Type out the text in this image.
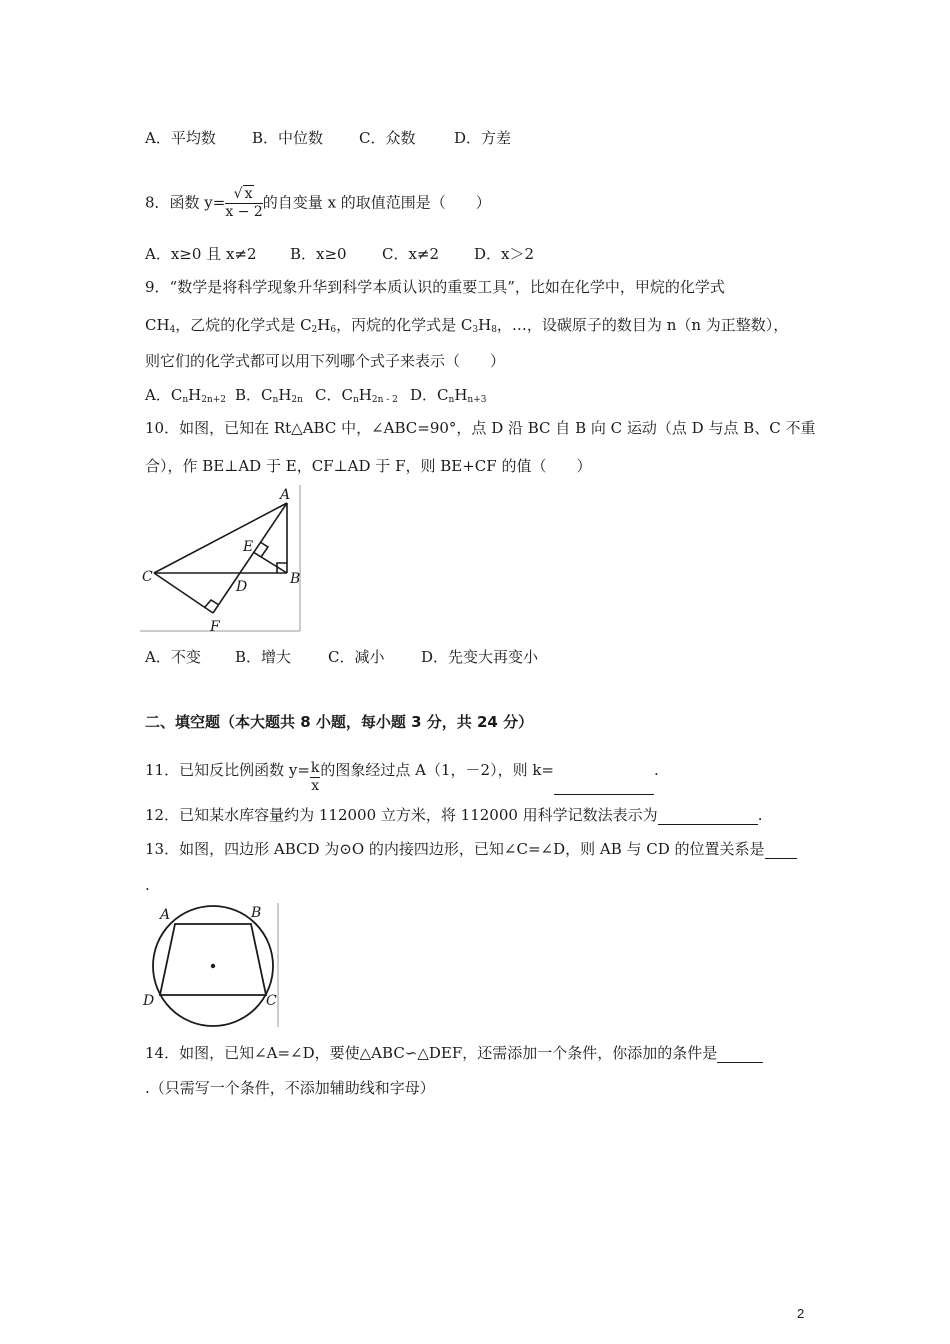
A．平均数 B．中位数 C．众数	D．方差
8．函数 $y= \frac{√ x}{x - 2}$ 的自变量 x 的取值范围是（　　）
A．x≥0 且 x≠2 B．x≥0 C．x≠2 D．x＞2
9．“数学是将科学现象升华到科学本质认识的重要工具”，比如在化学中，甲烷的化学式
$CH_4$，乙烷的化学式是 $C_2H_6$，丙烷的化学式是 $C_3H_8$，…，设碳原子的数目为 n（n 为正整数），
则它们的化学式都可以用下列哪个式子来表示（　　）
A．$C_nH_{2n+2}$ B．$C_nH_{2n}$ C．$C_nH_{2n - 2}$ D．$C_nH_{n+3}$
10．如图，已知在 Rt△ABC 中，∠ABC=90°，点 D 沿 BC 自 B 向 C 运动（点 D 与点 B、C 不重
合），作 BE⊥AD 于 E，CF⊥AD 于 F，则 BE+CF 的值（　　）
A
B
C
D
E
F
A．不变 B．增大 C．减小 D．先变大再变小
二、填空题（本大题共 8 小题，每小题 3 分，共 24 分）
11．已知反比例函数 $y= \frac{k}{x}$ 的图象经过点 A（1，－2），则 k=	.
12．已知某水库容量约为 112000 立方米，将 112000 用科学记数法表示为	.
13．如图，四边形 ABCD 为⊙O 的内接四边形，已知∠C=∠D，则 AB 与 CD 的位置关系是
.
A	B
C
D
14．如图，已知∠A=∠D，要使△ABC∽△DEF，还需添加一个条件，你添加的条件是
.（只需写一个条件，不添加辅助线和字母）
2
